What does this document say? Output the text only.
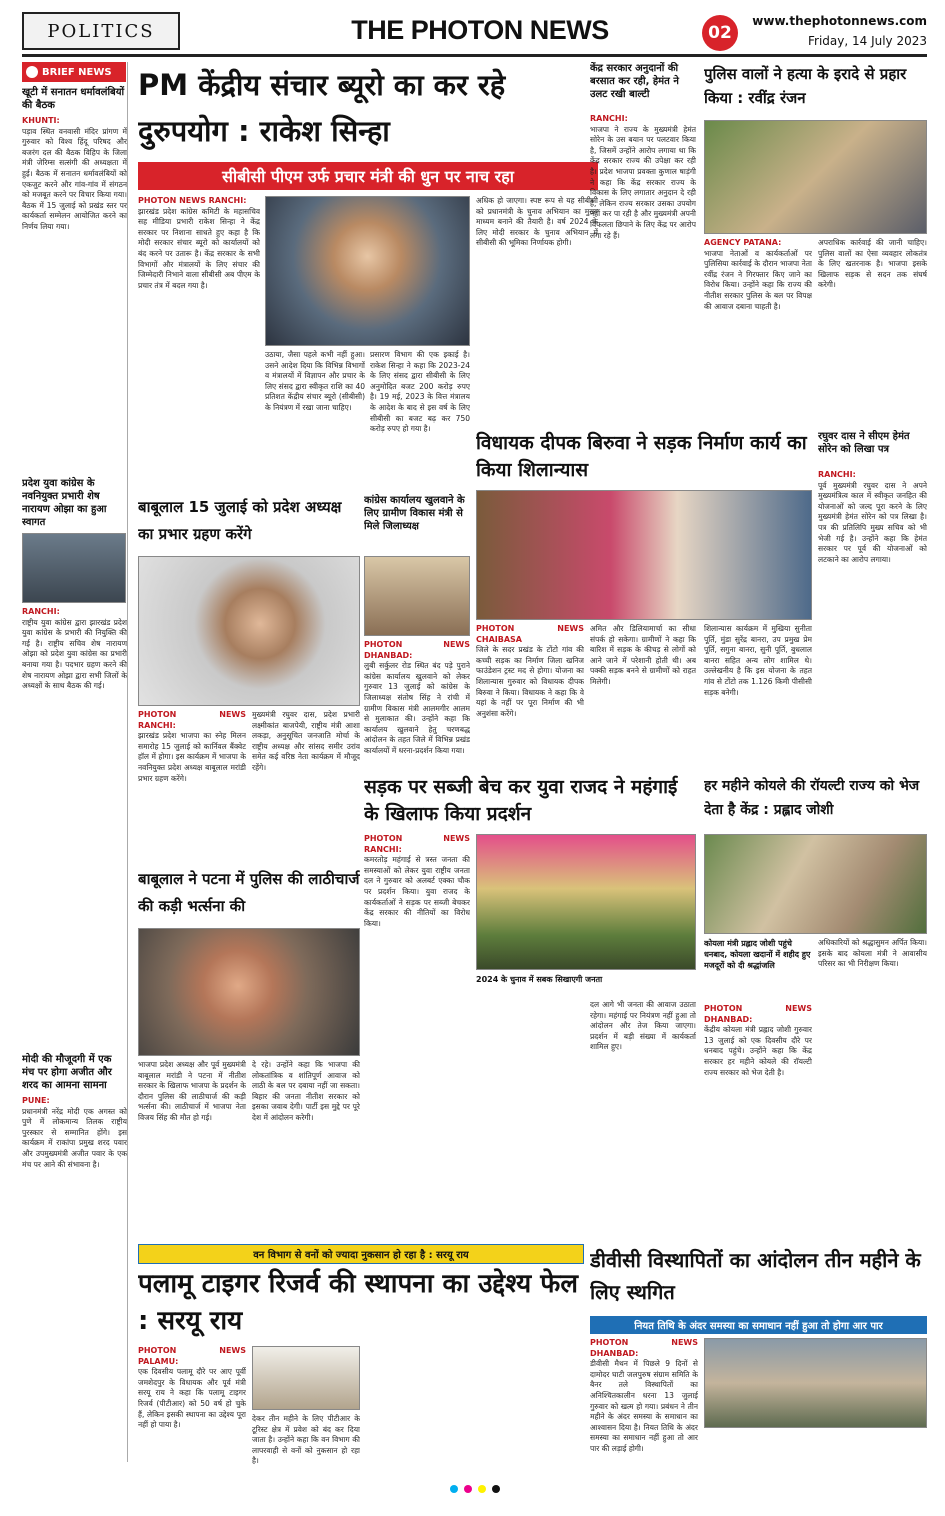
POLITICS	THE PHOTON NEWS	02
www.thephotonnews.com
Friday, 14 July 2023
BRIEF NEWS
खूटी में सनातन धर्मावलंबियों की बैठक
KHUNTI:
पड़ाव स्थित वनवासी मंदिर प्रांगण में गुरुवार को विश्व हिंदू परिषद और बजरंग दल की बैठक विहिप के जिला मंत्री जेरिम्स सत्संगी की अध्यक्षता में हुई। बैठक में सनातन धर्मावलंबियों को एकजुट करने और गांव-गांव में संगठन को मजबूत करने पर विचार किया गया। बैठक में 15 जुलाई को प्रखंड स्तर पर कार्यकर्ता सम्मेलन आयोजित करने का निर्णय लिया गया।
प्रदेश युवा कांग्रेस के नवनियुक्त प्रभारी शेष नारायण ओझा का हुआ स्वागत
RANCHI:
राष्ट्रीय युवा कांग्रेस द्वारा झारखंड प्रदेश युवा कांग्रेस के प्रभारी की नियुक्ति की गई है। राष्ट्रीय सचिव शेष नारायण ओझा को प्रदेश युवा कांग्रेस का प्रभारी बनाया गया है। पदभार ग्रहण करने की शेष नारायण ओझा द्वारा सभी जिलों के अध्यक्षों के साथ बैठक की गई।
मोदी की मौजूदगी में एक मंच पर होगा अजीत और शरद का आमना सामना
PUNE:
प्रधानमंत्री नरेंद्र मोदी एक अगस्त को पुणे में लोकमान्य तिलक राष्ट्रीय पुरस्कार से सम्मानित होंगे। इस कार्यक्रम में राकांपा प्रमुख शरद पवार और उपमुख्यमंत्री अजीत पवार के एक मंच पर आने की संभावना है।
PM केंद्रीय संचार ब्यूरो का कर रहे दुरुपयोग : राकेश सिन्हा
सीबीसी पीएम उर्फ प्रचार मंत्री की धुन पर नाच रहा
PHOTON NEWS RANCHI:
झारखंड प्रदेश कांग्रेस कमिटी के महासचिव सह मीडिया प्रभारी राकेश सिन्हा ने केंद्र सरकार पर निशाना साधते हुए कहा है कि मोदी सरकार संचार ब्यूरो को कार्यालयों को बंद करने पर उतारू है। केंद्र सरकार के सभी विभागों और मंत्रालयों के लिए संचार की जिम्मेदारी निभाने वाला सीबीसी अब पीएम के प्रचार तंत्र में बदल गया है।
उठाया, जैसा पहले कभी नहीं हुआ। उसने आदेश दिया कि विभिन्न विभागों व मंत्रालयों में विज्ञापन और प्रचार के लिए संसद द्वारा स्वीकृत राशि का 40 प्रतिशत केंद्रीय संचार ब्यूरो (सीबीसी) के नियंत्रण में रखा जाना चाहिए।
प्रसारण विभाग की एक इकाई है। राकेश सिन्हा ने कहा कि 2023-24 के लिए संसद द्वारा सीबीसी के लिए अनुमोदित बजट 200 करोड़ रुपए है। 19 मई, 2023 के वित्त मंत्रालय के आदेश के बाद से इस वर्ष के लिए सीबीसी का बजट बढ़ कर 750 करोड़ रुपए हो गया है।
अधिक हो जाएगा। स्पष्ट रूप से यह सीबीसी को प्रधानमंत्री के चुनाव अभियान का मुख्य माध्यम बनाने की तैयारी है। वर्ष 2024 के लिए मोदी सरकार के चुनाव अभियान में सीबीसी की भूमिका निर्णायक होगी।
केंद्र सरकार अनुदानों की बरसात कर रही, हेमंत ने उलट रखी बाल्टी
RANCHI:
भाजपा ने राज्य के मुख्यमंत्री हेमंत सोरेन के उस बयान पर पलटवार किया है, जिसमें उन्होंने आरोप लगाया था कि केंद्र सरकार राज्य की उपेक्षा कर रही है। प्रदेश भाजपा प्रवक्ता कुणाल षाड़ंगी ने कहा कि केंद्र सरकार राज्य के विकास के लिए लगातार अनुदान दे रही है, लेकिन राज्य सरकार उसका उपयोग नहीं कर पा रही है और मुख्यमंत्री अपनी विफलता छिपाने के लिए केंद्र पर आरोप लगा रहे हैं।
पुलिस वालों ने हत्या के इरादे से प्रहार किया : रवींद्र रंजन
AGENCY PATANA:
भाजपा नेताओं व कार्यकर्ताओं पर पुलिसिया कार्रवाई के दौरान भाजपा नेता रवींद्र रंजन ने गिरफ्तार किए जाने का विरोध किया। उन्होंने कहा कि राज्य की नीतीश सरकार पुलिस के बल पर विपक्ष की आवाज दबाना चाहती है।
अपराधिक कार्रवाई की जानी चाहिए। पुलिस वालों का ऐसा व्यवहार लोकतंत्र के लिए खतरनाक है। भाजपा इसके खिलाफ सड़क से सदन तक संघर्ष करेगी।
रघुवर दास ने सीएम हेमंत सोरेन को लिखा पत्र
RANCHI:
पूर्व मुख्यमंत्री रघुवर दास ने अपने मुख्यमंत्रित्व काल में स्वीकृत जनहित की योजनाओं को जल्द पूरा करने के लिए मुख्यमंत्री हेमंत सोरेन को पत्र लिखा है। पत्र की प्रतिलिपि मुख्य सचिव को भी भेजी गई है। उन्होंने कहा कि हेमंत सरकार पर पूर्व की योजनाओं को लटकाने का आरोप लगाया।
बाबूलाल 15 जुलाई को प्रदेश अध्यक्ष का प्रभार ग्रहण करेंगे
PHOTON NEWS RANCHI:
झारखंड प्रदेश भाजपा का स्नेह मिलन समारोह 15 जुलाई को कार्निवल बैंक्वेट हॉल में होगा। इस कार्यक्रम में भाजपा के नवनियुक्त प्रदेश अध्यक्ष बाबूलाल मरांडी प्रभार ग्रहण करेंगे।
मुख्यमंत्री रघुवर दास, प्रदेश प्रभारी लक्ष्मीकांत बाजपेयी, राष्ट्रीय मंत्री आशा लकड़ा, अनुसूचित जनजाति मोर्चा के राष्ट्रीय अध्यक्ष और सांसद समीर उरांव समेत कई वरिष्ठ नेता कार्यक्रम में मौजूद रहेंगे।
कांग्रेस कार्यालय खुलवाने के लिए ग्रामीण विकास मंत्री से मिले जिलाध्यक्ष
PHOTON NEWS DHANBAD:
लुबी सर्कुलर रोड स्थित बंद पड़े पुराने कांग्रेस कार्यालय खुलवाने को लेकर गुरुवार 13 जुलाई को कांग्रेस के जिलाध्यक्ष संतोष सिंह ने रांची में ग्रामीण विकास मंत्री आलमगीर आलम से मुलाकात की। उन्होंने कहा कि कार्यालय खुलवाने हेतु चरणबद्ध आंदोलन के तहत जिले में विभिन्न प्रखंड कार्यालयों में धरना-प्रदर्शन किया गया।
विधायक दीपक बिरुवा ने सड़क निर्माण कार्य का किया शिलान्यास
PHOTON NEWS CHAIBASA
जिले के सदर प्रखंड के टोंटो गांव की कच्ची सड़क का निर्माण जिला खनिज फाउंडेशन ट्रस्ट मद से होगा। योजना का शिलान्यास गुरुवार को विधायक दीपक बिरुवा ने किया। विधायक ने कहा कि वे यहां के नहीं पर पूरा निर्माण की भी अनुशंसा करेंगे।
अमित और डिलियामार्चा का सीधा संपर्क हो सकेगा। ग्रामीणों ने कहा कि बारिश में सड़क के कीचड़ से लोगों को आने जाने में परेशानी होती थी। अब पक्की सड़क बनने से ग्रामीणों को राहत मिलेगी।
शिलान्यास कार्यक्रम में मुखिया सुनीता पूर्ति, मुंडा सुरेंद्र बानरा, उप प्रमुख प्रेम पूर्ति, सगुना बानरा, सुनी पूर्ति, बुधलाल बानरा सहित अन्य लोग शामिल थे। उल्लेखनीय है कि इस योजना के तहत गांव से टोंटो तक 1.126 किमी पीसीसी सड़क बनेगी।
बाबूलाल ने पटना में पुलिस की लाठीचार्ज की कड़ी भर्त्सना की
भाजपा प्रदेश अध्यक्ष और पूर्व मुख्यमंत्री बाबूलाल मरांडी ने पटना में नीतीश सरकार के खिलाफ भाजपा के प्रदर्शन के दौरान पुलिस की लाठीचार्ज की कड़ी भर्त्सना की। लाठीचार्ज में भाजपा नेता विजय सिंह की मौत हो गई।
दे रहे। उन्होंने कहा कि भाजपा की लोकतांत्रिक व शांतिपूर्ण आवाज को लाठी के बल पर दबाया नहीं जा सकता। बिहार की जनता नीतीश सरकार को इसका जवाब देगी। पार्टी इस मुद्दे पर पूरे देश में आंदोलन करेगी।
सड़क पर सब्जी बेच कर युवा राजद ने महंगाई के खिलाफ किया प्रदर्शन
PHOTON NEWS RANCHI:
कमरतोड़ महंगाई से त्रस्त जनता की समस्याओं को लेकर युवा राष्ट्रीय जनता दल ने गुरुवार को अलबर्ट एक्का चौक पर प्रदर्शन किया। युवा राजद के कार्यकर्ताओं ने सड़क पर सब्जी बेचकर केंद्र सरकार की नीतियों का विरोध किया।
2024 के चुनाव में सबक सिखाएगी जनता
दल आगे भी जनता की आवाज उठाता रहेगा। महंगाई पर नियंत्रण नहीं हुआ तो आंदोलन और तेज किया जाएगा। प्रदर्शन में बड़ी संख्या में कार्यकर्ता शामिल हुए।
हर महीने कोयले की रॉयल्टी राज्य को भेज देता है केंद्र : प्रह्लाद जोशी
कोयला मंत्री प्रह्लाद जोशी पहुंचे धनबाद, कोयला खदानों में शहीद हुए मजदूरों को दी श्रद्धांजलि
अधिकारियों को श्रद्धासुमन अर्पित किया। इसके बाद कोयला मंत्री ने आवासीय परिसर का भी निरीक्षण किया।
PHOTON NEWS DHANBAD:
केंद्रीय कोयला मंत्री प्रह्लाद जोशी गुरुवार 13 जुलाई को एक दिवसीय दौरे पर धनबाद पहुंचे। उन्होंने कहा कि केंद्र सरकार हर महीने कोयले की रॉयल्टी राज्य सरकार को भेज देती है।
वन विभाग से वनों को ज्यादा नुकसान हो रहा है : सरयू राय
पलामू टाइगर रिजर्व की स्थापना का उद्देश्य फेल : सरयू राय
PHOTON NEWS PALAMU:
एक दिवसीय पलामू दौरे पर आए पूर्वी जमशेदपुर के विधायक और पूर्व मंत्री सरयू राय ने कहा कि पलामू टाइगर रिजर्व (पीटीआर) को 50 वर्ष हो चुके हैं, लेकिन इसकी स्थापना का उद्देश्य पूरा नहीं हो पाया है।
देकर तीन महीने के लिए पीटीआर के टूरिस्ट क्षेत्र में प्रवेश को बंद कर दिया जाता है। उन्होंने कहा कि वन विभाग की लापरवाही से वनों को नुकसान हो रहा है।
डीवीसी विस्थापितों का आंदोलन तीन महीने के लिए स्थगित
नियत तिथि के अंदर समस्या का समाधान नहीं हुआ तो होगा आर पार
PHOTON NEWS DHANBAD:
डीवीसी मैथन में पिछले 9 दिनों से दामोदर घाटी जलपुरुष संग्राम समिति के बैनर तले विस्थापितों का अनिश्चितकालीन धरना 13 जुलाई गुरुवार को खत्म हो गया। प्रबंधन ने तीन महीने के अंदर समस्या के समाधान का आश्वासन दिया है। नियत तिथि के अंदर समस्या का समाधान नहीं हुआ तो आर पार की लड़ाई होगी।
